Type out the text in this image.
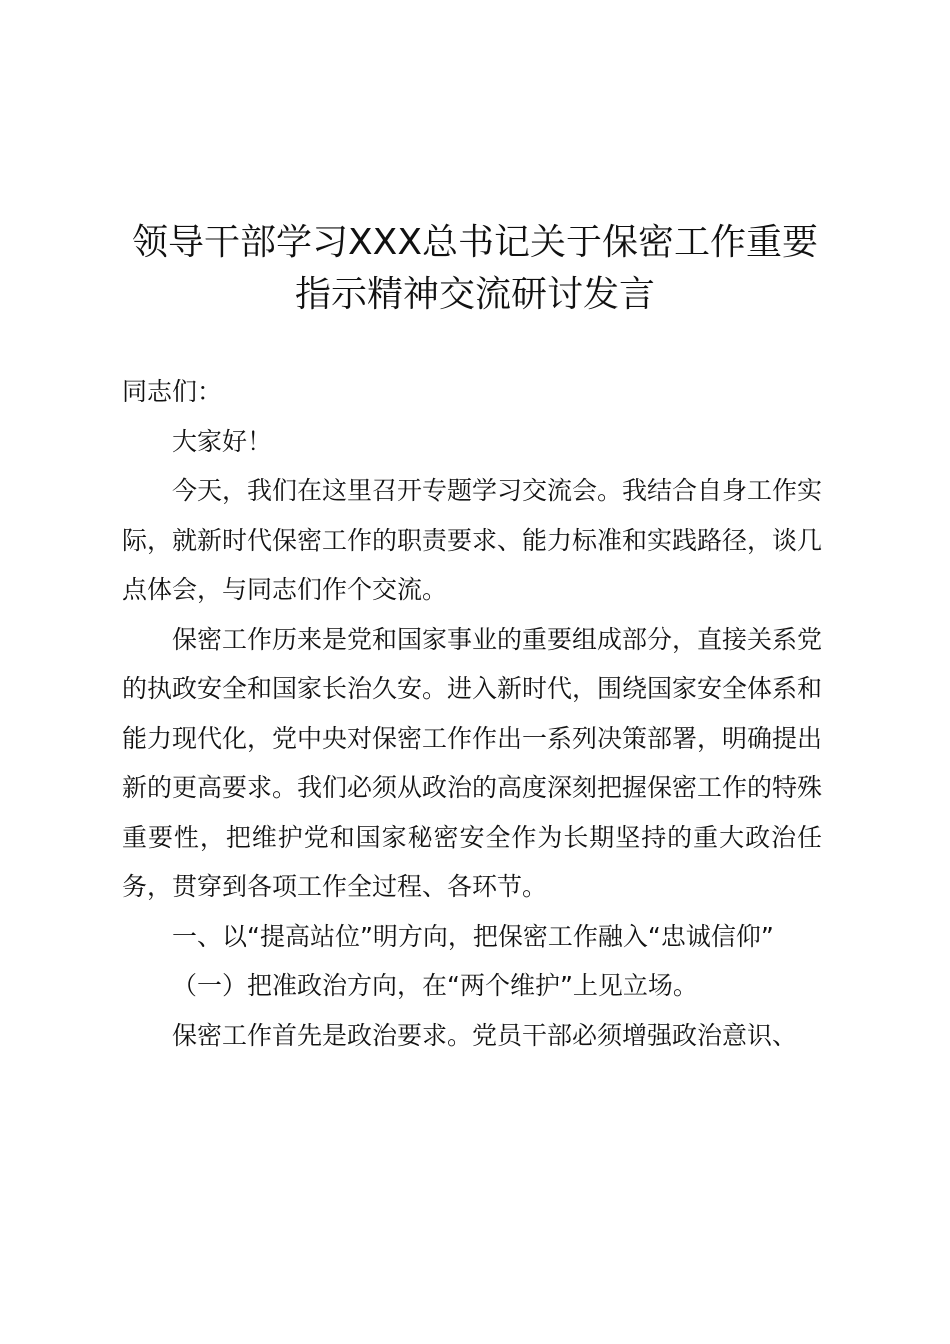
领导干部学习XXX总书记关于保密工作重要
指示精神交流研讨发言

同志们：

大家好！

今天，我们在这里召开专题学习交流会。我结合自身工作实际，就新时代保密工作的职责要求、能力标准和实践路径，谈几点体会，与同志们作个交流。

保密工作历来是党和国家事业的重要组成部分，直接关系党的执政安全和国家长治久安。进入新时代，围绕国家安全体系和能力现代化，党中央对保密工作作出一系列决策部署，明确提出新的更高要求。我们必须从政治的高度深刻把握保密工作的特殊重要性，把维护党和国家秘密安全作为长期坚持的重大政治任务，贯穿到各项工作全过程、各环节。

一、以“提高站位”明方向，把保密工作融入“忠诚信仰”

（一）把准政治方向，在“两个维护”上见立场。

保密工作首先是政治要求。党员干部必须增强政治意识、
